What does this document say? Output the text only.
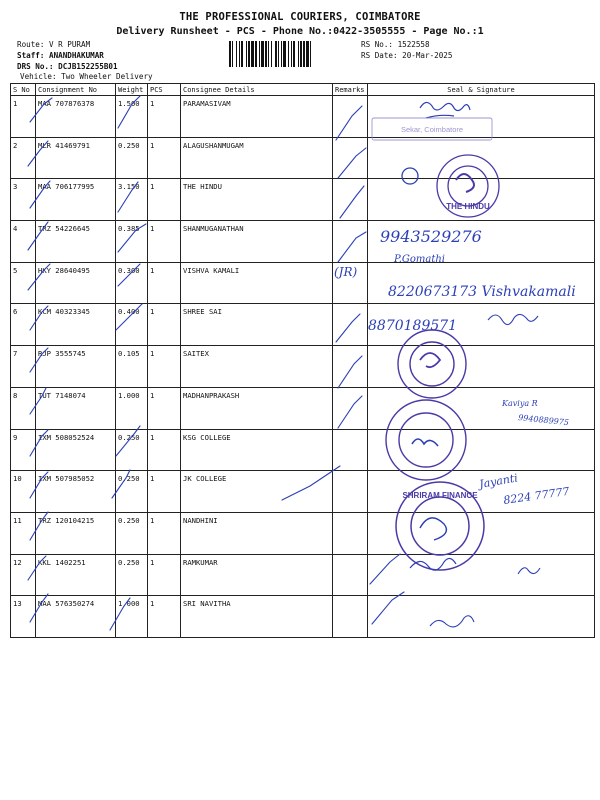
THE PROFESSIONAL COURIERS, COIMBATORE
Delivery Runsheet - PCS - Phone No.:0422-3505555 - Page No.:1
Route: V R PURAM
Staff: ANANDHAKUMAR
DRS No.: DCJB152255B01
Vehicle: Two Wheeler Delivery
RS No.: 1522558
RS Date: 20-Mar-2025
S No	Consignment No	Weight	PCS	Consignee Details	Remarks	Seal & Signature
1	MAA 707876378	1.500	1	PARAMASIVAM		
2	MLR 41469791	0.250	1	ALAGUSHANMUGAM		
3	MAA 706177995	3.150	1	THE HINDU		
4	TRZ 54226645	0.385	1	SHANMUGANATHAN		
5	HKY 28640495	0.300	1	VISHVA KAMALI		
6	KCM 40323345	0.400	1	SHREE SAI		
7	RJP 3555745	0.105	1	SAITEX		
8	TUT 7148074	1.000	1	MADHANPRAKASH		
9	IXM 508052524	0.250	1	KSG COLLEGE		
10	IXM 507985052	0.250	1	JK COLLEGE		
11	TRZ 120104215	0.250	1	NANDHINI		
12	KKL 1402251	0.250	1	RAMKUMAR		
13	MAA 576350274	1.000	1	SRI NAVITHA		
Sekar, Coimbatore
THE HINDU
9943529276
P.Gomathi
(JR)
8220673173 Vishvakamali
8870189571
Kaviya R
9940889975
Jayanti
8224 77777
SHRIRAM FINANCE
